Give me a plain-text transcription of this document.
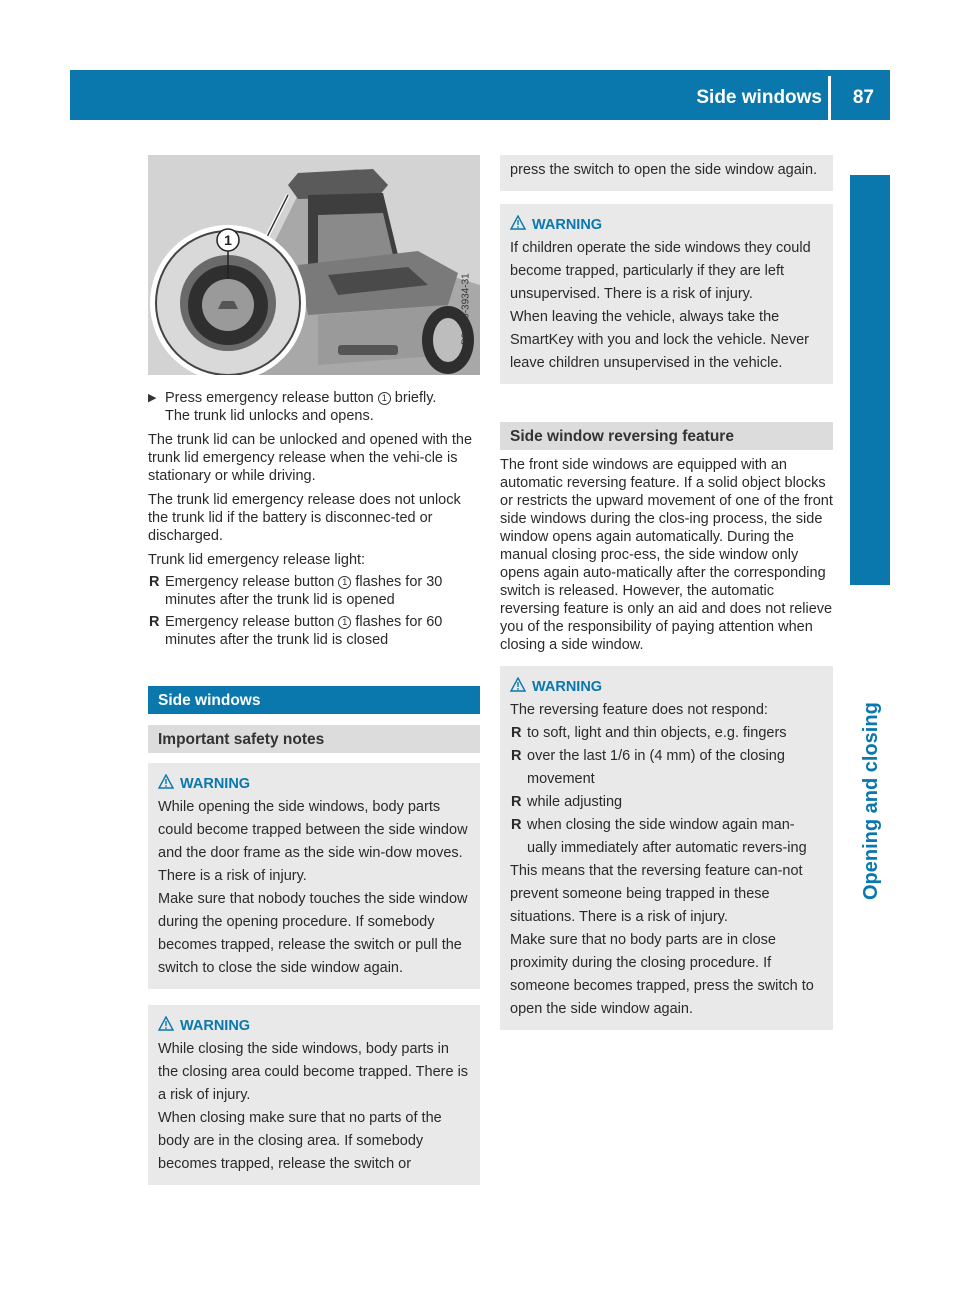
Side windows 87
Opening and closing
1
P80.20-3934-31
▶ Press emergency release button 1 briefly.
The trunk lid unlocks and opens.

The trunk lid can be unlocked and opened with the trunk lid emergency release when the vehi-cle is stationary or while driving.

The trunk lid emergency release does not unlock the trunk lid if the battery is disconnec-ted or discharged.

Trunk lid emergency release light:

R Emergency release button 1 flashes for 30 minutes after the trunk lid is opened
R Emergency release button 1 flashes for 60 minutes after the trunk lid is closed
Side windows
Important safety notes
WARNING

While opening the side windows, body parts could become trapped between the side window and the door frame as the side win-dow moves. There is a risk of injury.

Make sure that nobody touches the side window during the opening procedure. If somebody becomes trapped, release the switch or pull the switch to close the side window again.

WARNING

While closing the side windows, body parts in the closing area could become trapped. There is a risk of injury.

When closing make sure that no parts of the body are in the closing area. If somebody becomes trapped, release the switch or

press the switch to open the side window again.

WARNING

If children operate the side windows they could become trapped, particularly if they are left unsupervised. There is a risk of injury.

When leaving the vehicle, always take the SmartKey with you and lock the vehicle. Never leave children unsupervised in the vehicle.

Side window reversing feature

The front side windows are equipped with an automatic reversing feature. If a solid object blocks or restricts the upward movement of one of the front side windows during the clos-ing process, the side window opens again automatically. During the manual closing proc-ess, the side window only opens again auto-matically after the corresponding switch is released. However, the automatic reversing feature is only an aid and does not relieve you of the responsibility of paying attention when closing a side window.

WARNING

The reversing feature does not respond:

R to soft, light and thin objects, e.g. fingers
R over the last 1/6 in (4 mm) of the closing movement
R while adjusting
R when closing the side window again man-ually immediately after automatic revers-ing

This means that the reversing feature can-not prevent someone being trapped in these situations. There is a risk of injury.

Make sure that no body parts are in close proximity during the closing procedure. If someone becomes trapped, press the switch to open the side window again.
